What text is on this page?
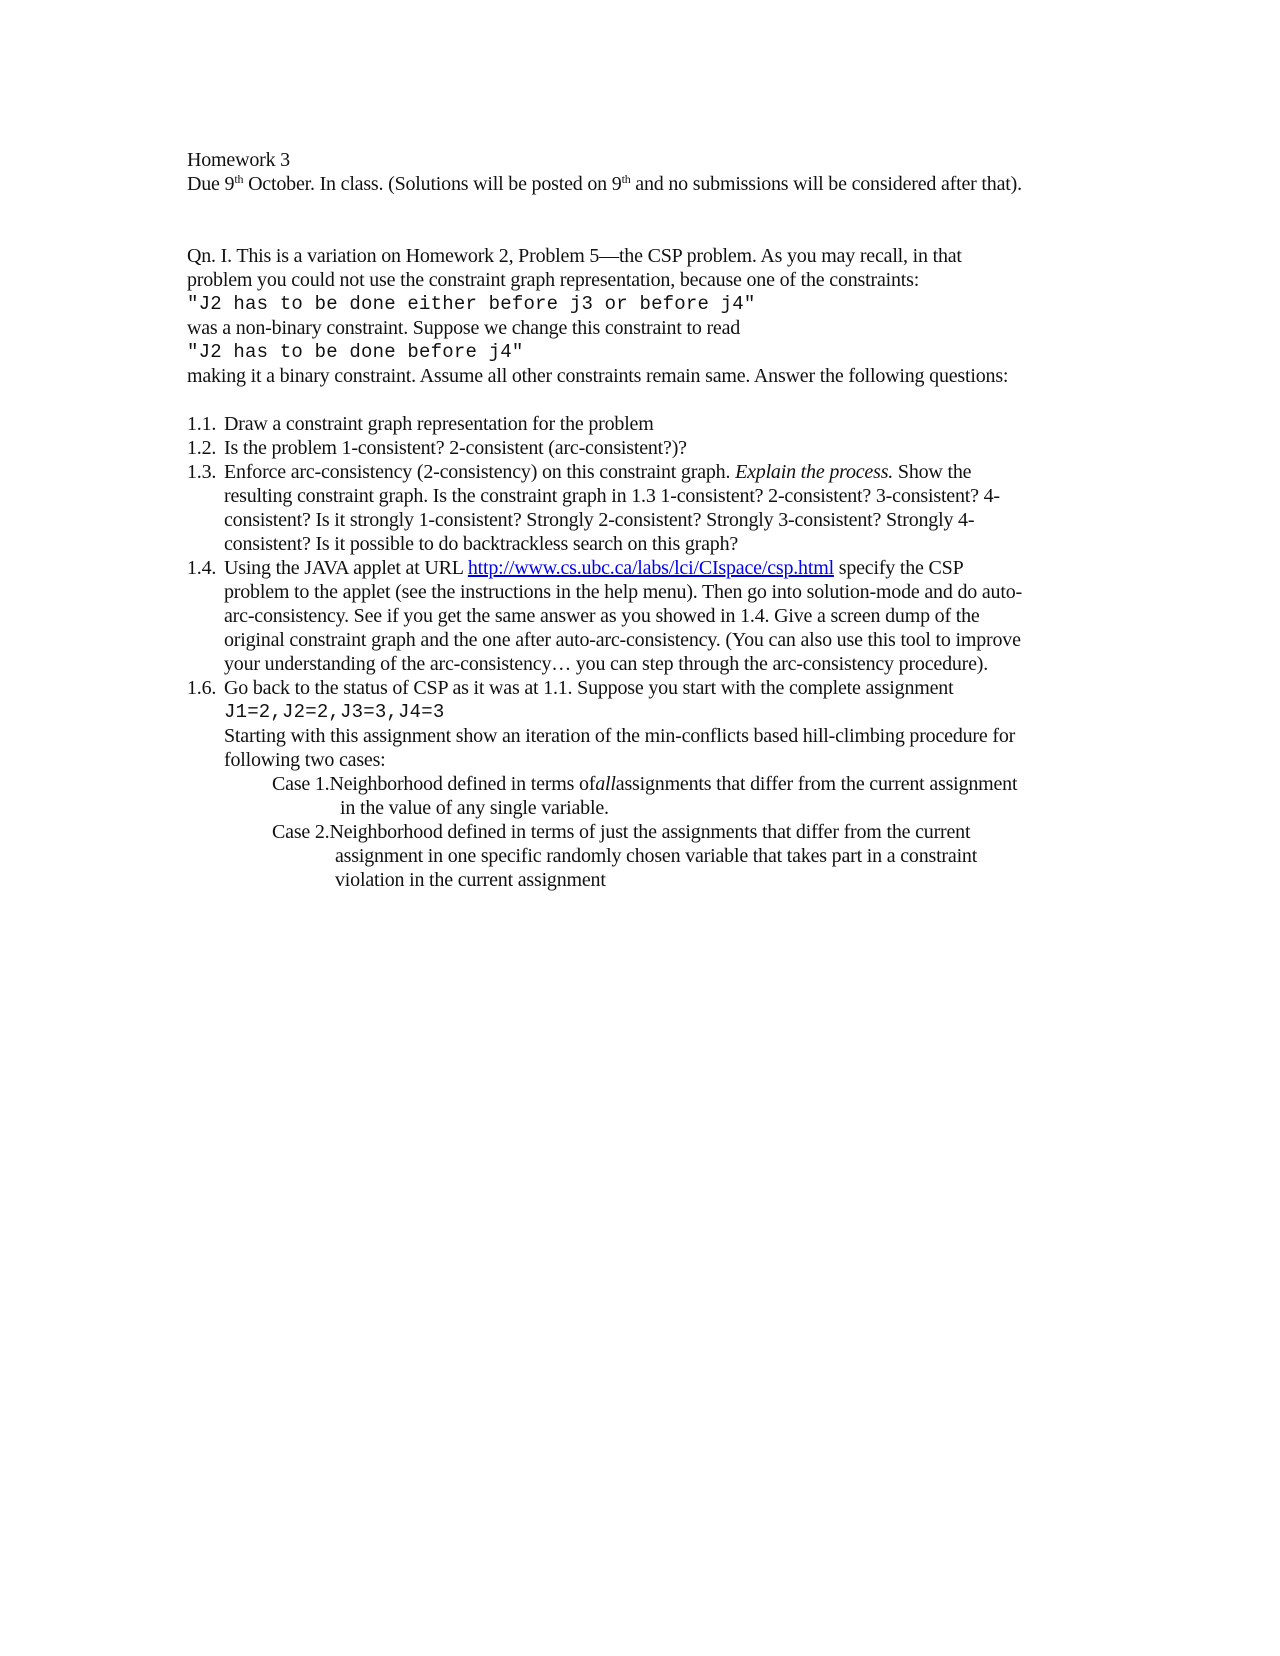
Homework 3
Due 9th October. In class. (Solutions will be posted on 9th and no submissions will be considered after that).
Qn. I. This is a variation on Homework 2, Problem 5—the CSP problem. As you may recall, in that
problem you could not use the constraint graph representation, because one of the constraints:
"J2 has to be done either before j3 or before j4"
was a non-binary constraint. Suppose we change this constraint to read
"J2 has to be done before j4"
making it a binary constraint. Assume all other constraints remain same. Answer the following questions:
1.1. Draw a constraint graph representation for the problem
1.2. Is the problem 1-consistent? 2-consistent (arc-consistent?)?
1.3. Enforce arc-consistency (2-consistency) on this constraint graph. Explain the process. Show the
resulting constraint graph. Is the constraint graph in 1.3 1-consistent? 2-consistent? 3-consistent? 4-
consistent? Is it strongly 1-consistent? Strongly 2-consistent? Strongly 3-consistent? Strongly 4-
consistent? Is it possible to do backtrackless search on this graph?
1.4. Using the JAVA applet at URL http://www.cs.ubc.ca/labs/lci/CIspace/csp.html specify the CSP
problem to the applet (see the instructions in the help menu). Then go into solution-mode and do auto-
arc-consistency. See if you get the same answer as you showed in 1.4. Give a screen dump of the
original constraint graph and the one after auto-arc-consistency. (You can also use this tool to improve
your understanding of the arc-consistency… you can step through the arc-consistency procedure).
1.6. Go back to the status of CSP as it was at 1.1. Suppose you start with the complete assignment
J1=2,J2=2,J3=3,J4=3
Starting with this assignment show an iteration of the min-conflicts based hill-climbing procedure for
following two cases:
Case 1. Neighborhood defined in terms of all assignments that differ from the current assignment
in the value of any single variable.
Case 2. Neighborhood defined in terms of just the assignments that differ from the current
assignment in one specific randomly chosen variable that takes part in a constraint
violation in the current assignment
